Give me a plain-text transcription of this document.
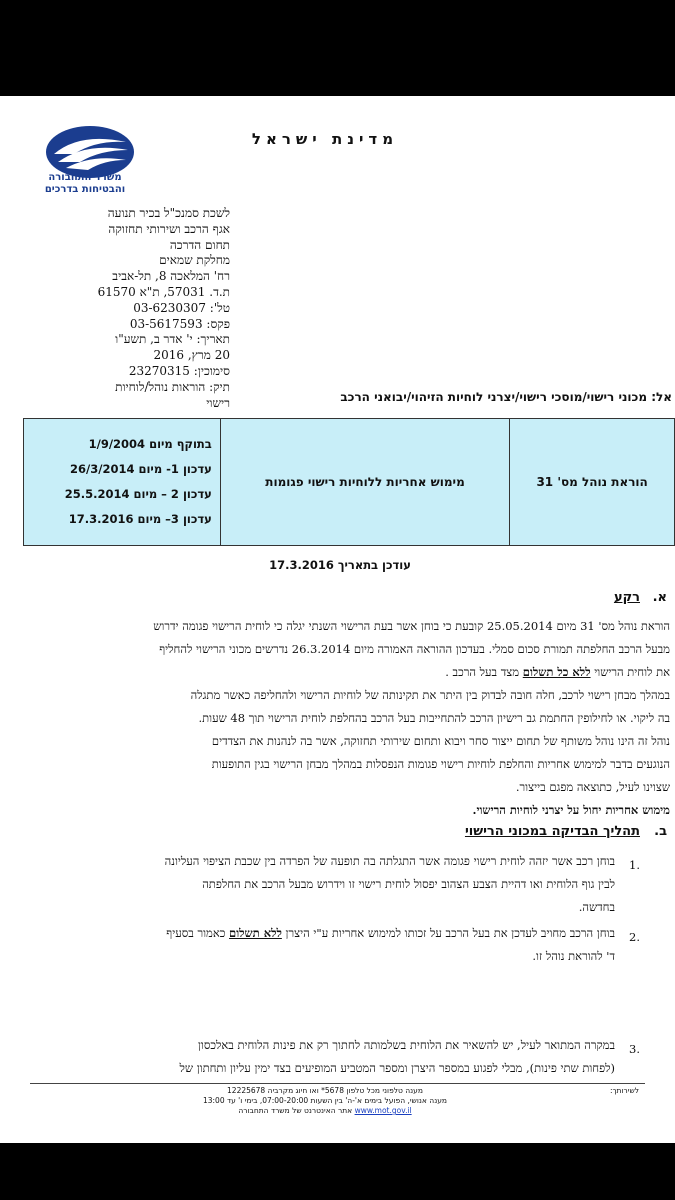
משרד התחבורה
והבטיחות בדרכים
מדינת ישראל
לשכת סמנכ"ל בכיר תנועה
אגף הרכב ושירותי תחזוקה
תחום הדרכה
מחלקת שמאים
רח' המלאכה 8, תל-אביב
ת.ד. 57031, ת"א 61570
טל': 03-6230307
פקס: 03-5617593
תאריך: י' אדר ב, תשע"ו
20 מרץ, 2016
סימוכין: 23270315
תיק: הוראות נוהל/לוחיות
רישוי	אל: מכוני רישוי/מוסכי רישוי/יצרני לוחיות הזיהוי/יבואני הרכב
הוראת נוהל מס' 31	מימוש אחריות ללוחיות רישוי פגומות	
בתוקף מיום 1/9/2004
עדכון 1- מיום 26/3/2014
עדכון 2 – מיום 25.5.2014
עדכון 3– מיום 17.3.2016
עודכן בתאריך 17.3.2016
א.
רקע
הוראת נוהל מס' 31 מיום 25.05.2014 קובעת כי בוחן אשר בעת הרישוי השנתי יגלה כי לוחית הרישוי פגומה ידרוש
מבעל הרכב החלפתה תמורת סכום סמלי. בעדכון ההוראה האמורה מיום 26.3.2014 נדרשים מכוני הרישוי להחליף
את לוחית הרישוי ללא כל תשלום מצד בעל הרכב .
במהלך מבחן רישוי לרכב, חלה חובה לבדוק בין היתר את תקינותה של לוחיות הרישוי ולהחליפה כאשר מתגלה
בה ליקוי. או לחילופין החתמת גב רישיון הרכב להתחייבות בעל הרכב בהחלפת לוחית הרישוי תוך 48 שעות.
נוהל זה הינו נוהל משותף של תחום ייצור סחר ויבוא ותחום שירותי תחזוקה, אשר בה לנהנות את הצדדים
הנוגעים בדבר למימוש אחריות והחלפת לוחיות רישוי פגומות הנפסלות במהלך מבחן הרישוי בגין התופעות
שצוינו לעיל, כתוצאה מפגם בייצור.
מימוש אחריות יחול על יצרני לוחיות הרישוי.
ב.
תהליך הבדיקה במכוני הרישוי
.1
בוחן רכב אשר יזהה לוחית רישוי פגומה אשר התגלתה בה תופעה של הפרדה בין שכבת הציפוי העליונה
לבין גוף הלוחית ואו דהיית הצבע הצהוב יפסול לוחית רישוי זו וידרוש מבעל הרכב את החלפתה
בחדשה.
.2
בוחן הרכב מחויב לעדכן את בעל הרכב על זכותו למימוש אחריות ע"י היצרן ללא תשלום כאמור בסעיף
ד' להוראת נוהל זו.
.3
במקרה המתואר לעיל, יש להשאיר את הלוחית בשלמותה לחתוך רק את פינות הלוחית באלכסון
(לפחות שתי פינות), מבלי לפגוע במספר היצרן ומספר המטביע המופיעים בצד ימין עליון ותחתון של
לשירותך:
מענה טלפוני מכל טלפון 5678* ואו חיוג מקרביה 12225678
מענה אנושי, הפועל בימים א'-ה' בין השעות 07:00-20:00, בימי ו' עד 13:00
www.mot.gov.il אתר האינטרנט של משרד התחבורה
